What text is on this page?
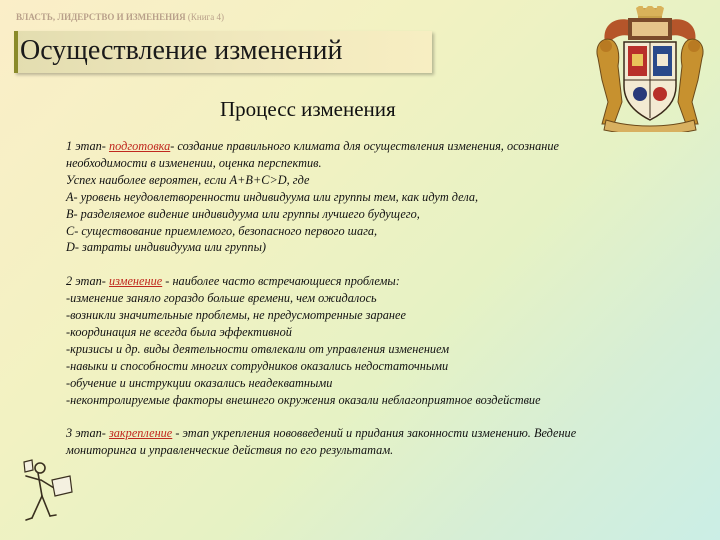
ВЛАСТЬ, ЛИДЕРСТВО И ИЗМЕНЕНИЯ (Книга 4)
Осуществление изменений
Процесс изменения
1 этап- подготовка- создание правильного климата для осуществления изменения, осознание
необходимости в изменении, оценка перспектив.
Успех наиболее вероятен, если A+B+C>D, где
А- уровень неудовлетворенности индивидуума или группы тем, как идут дела,
В- разделяемое видение индивидуума или группы лучшего будущего,
С- существование приемлемого, безопасного первого шага,
D- затраты индивидуума или группы)
2 этап- изменение - наиболее часто встречающиеся проблемы:
-изменение заняло гораздо больше времени, чем ожидалось
-возникли значительные проблемы, не предусмотренные заранее
-координация не всегда была эффективной
-кризисы и др. виды деятельности отвлекали от управления изменением
-навыки и способности многих сотрудников оказались недостаточными
-обучение и инструкции оказались неадекватными
-неконтролируемые факторы внешнего окружения оказали неблагоприятное воздействие
3 этап- закрепление - этап укрепления нововведений и придания законности изменению. Ведение
мониторинга и управленческие действия по его результатам.
